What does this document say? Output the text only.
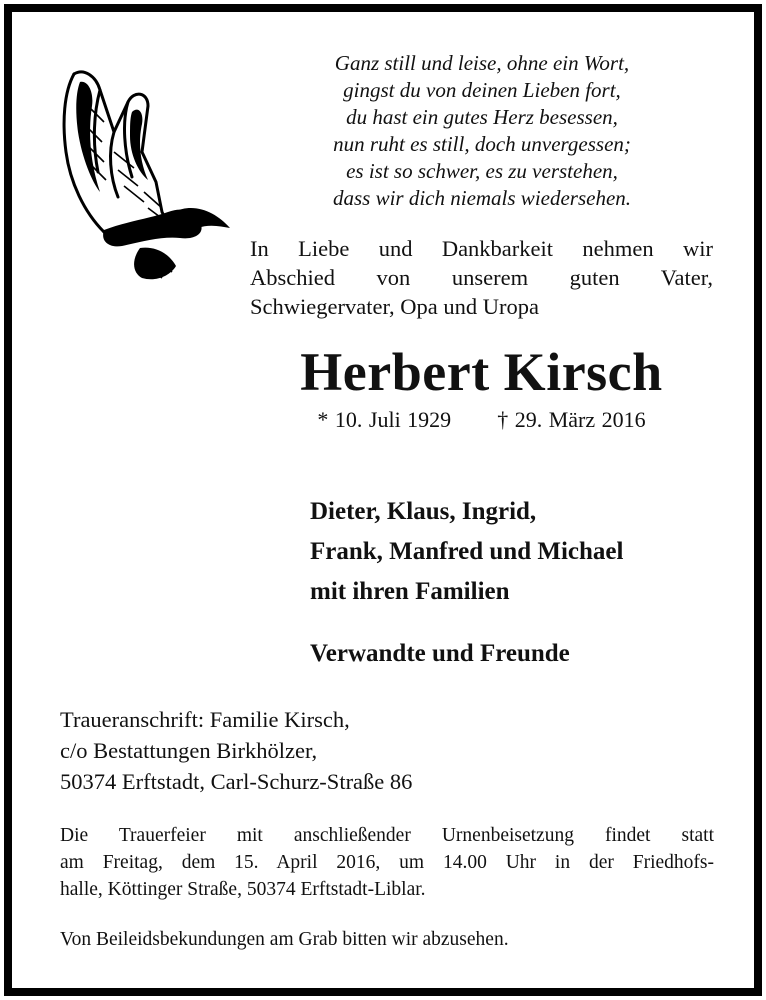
Ganz still und leise, ohne ein Wort,
gingst du von deinen Lieben fort,
du hast ein gutes Herz besessen,
nun ruht es still, doch unvergessen;
es ist so schwer, es zu verstehen,
dass wir dich niemals wiedersehen.
In Liebe und Dankbarkeit nehmen wir
Abschied von unserem guten Vater,
Schwiegervater, Opa und Uropa
Herbert Kirsch
* 10. Juli 1929 † 29. März 2016
Dieter, Klaus, Ingrid,
Frank, Manfred und Michael
mit ihren Familien
Verwandte und Freunde
Traueranschrift: Familie Kirsch,
c/o Bestattungen Birkhölzer,
50374 Erftstadt, Carl-Schurz-Straße 86
Die Trauerfeier mit anschließender Urnenbeisetzung findet statt
am Freitag, dem 15. April 2016, um 14.00 Uhr in der Friedhofs-
halle, Köttinger Straße, 50374 Erftstadt-Liblar.
Von Beileidsbekundungen am Grab bitten wir abzusehen.
